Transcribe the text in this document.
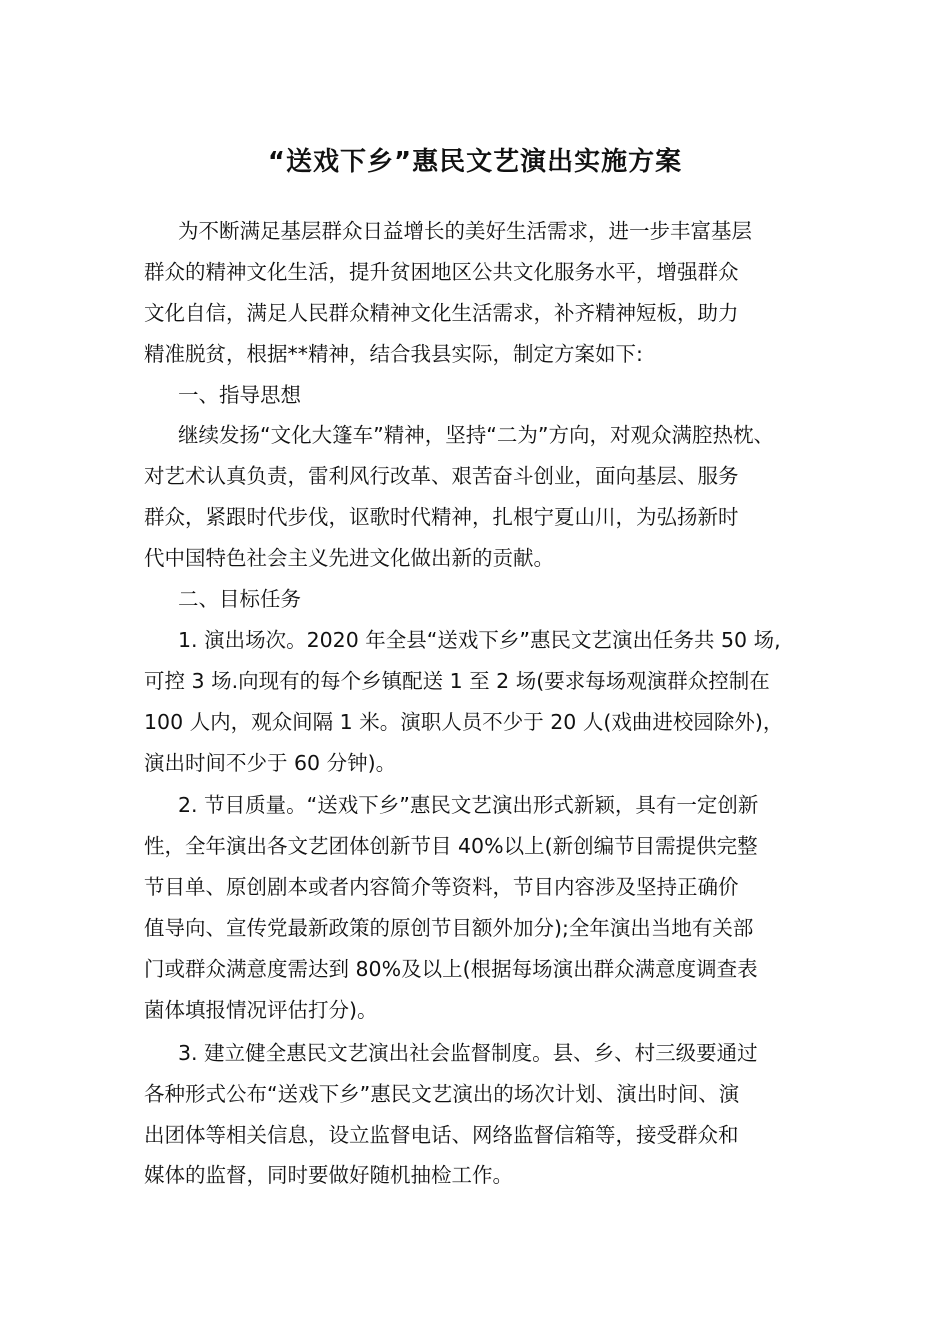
“送戏下乡”惠民文艺演出实施方案
为不断满足基层群众日益增长的美好生活需求，进一步丰富基层
群众的精神文化生活，提升贫困地区公共文化服务水平，增强群众
文化自信，满足人民群众精神文化生活需求，补齐精神短板，助力
精准脱贫，根据**精神，结合我县实际，制定方案如下:
一、指导思想
继续发扬“文化大篷车”精神，坚持“二为”方向，对观众满腔热枕、
对艺术认真负责，雷利风行改革、艰苦奋斗创业，面向基层、服务
群众，紧跟时代步伐，讴歌时代精神，扎根宁夏山川，为弘扬新时
代中国特色社会主义先进文化做出新的贡献。
二、目标任务
1. 演出场次。2020 年全县“送戏下乡”惠民文艺演出任务共 50 场,
可控 3 场.向现有的每个乡镇配送 1 至 2 场(要求每场观演群众控制在
100 人内，观众间隔 1 米。演职人员不少于 20 人(戏曲进校园除外)，
演出时间不少于 60 分钟)。
2. 节目质量。“送戏下乡”惠民文艺演出形式新颖，具有一定创新
性，全年演出各文艺团体创新节目 40%以上(新创编节目需提供完整
节目单、原创剧本或者内容简介等资料，节目内容涉及坚持正确价
值导向、宣传党最新政策的原创节目额外加分);全年演出当地有关部
门或群众满意度需达到 80%及以上(根据每场演出群众满意度调查表
菌体填报情况评估打分)。
3. 建立健全惠民文艺演出社会监督制度。县、乡、村三级要通过
各种形式公布“送戏下乡”惠民文艺演出的场次计划、演出时间、演
出团体等相关信息，设立监督电话、网络监督信箱等，接受群众和
媒体的监督，同时要做好随机抽检工作。
